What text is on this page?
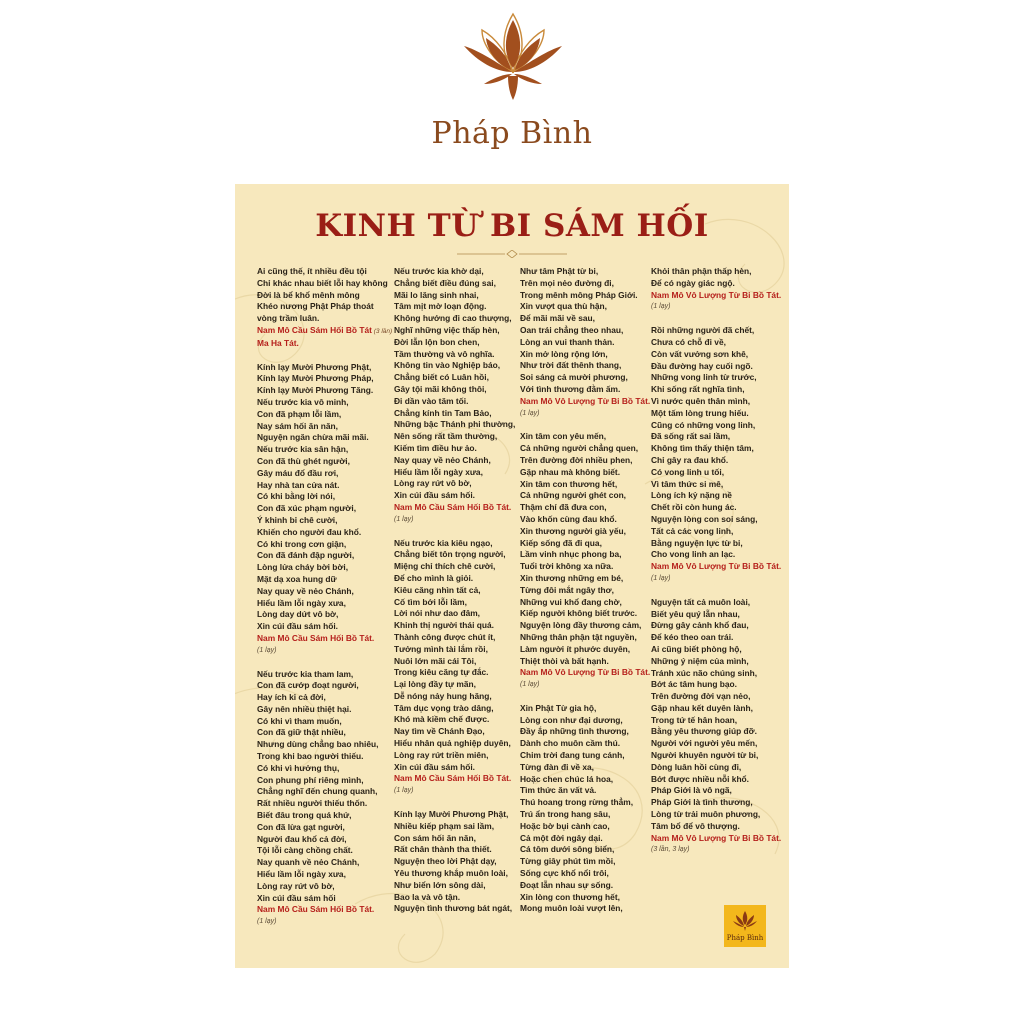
Pháp Bình
KINH TỪ BI SÁM HỐI
Ai cũng thế, ít nhiều đều tội
Chỉ khác nhau biết lỗi hay không
Đời là bể khổ mênh mông
Khéo nương Phật Pháp thoát
vòng trầm luân.
Nam Mô Cầu Sám Hối Bồ Tát (3 lần)
Ma Ha Tát.
Kính lạy Mười Phương Phật,
Kính lạy Mười Phương Pháp,
Kính lạy Mười Phương Tăng.
Nếu trước kia vô minh,
Con đã phạm lỗi lầm,
Nay sám hối ăn năn,
Nguyện ngăn chừa mãi mãi.
Nếu trước kia sân hận,
Con đã thù ghét người,
Gây máu đổ đầu rơi,
Hay nhà tan cửa nát.
Có khi bằng lời nói,
Con đã xúc phạm người,
Ý khinh bỉ chê cười,
Khiến cho người đau khổ.
Có khi trong cơn giận,
Con đã đánh đập người,
Lòng lửa cháy bời bời,
Mặt dạ xoa hung dữ
Nay quay về nẻo Chánh,
Hiểu lầm lỗi ngày xưa,
Lòng day dứt vô bờ,
Xin cúi đầu sám hối.
Nam Mô Cầu Sám Hối Bồ Tát.
(1 lạy)
Nếu trước kia tham lam,
Con đã cướp đoạt người,
Hay ích kỉ cả đời,
Gây nên nhiều thiệt hại.
Có khi vì tham muốn,
Con đã giữ thật nhiều,
Nhưng dùng chẳng bao nhiêu,
Trong khi bao người thiếu.
Có khi vì hưởng thụ,
Con phung phí riêng mình,
Chẳng nghĩ đến chung quanh,
Rất nhiều người thiếu thốn.
Biết đâu trong quá khứ,
Con đã lừa gạt người,
Người đau khổ cả đời,
Tội lỗi càng chồng chất.
Nay quanh về nẻo Chánh,
Hiểu lầm lỗi ngày xưa,
Lòng ray rứt vô bờ,
Xin cúi đầu sám hối
Nam Mô Cầu Sám Hối Bồ Tát.
(1 lạy)
Nếu trước kia khờ dại,
Chẳng biết điều đúng sai,
Mãi lo lăng sinh nhai,
Tâm mịt mờ loạn động.
Không hướng đi cao thượng,
Nghĩ những việc thấp hèn,
Đời lẫn lộn bon chen,
Tầm thường và vô nghĩa.
Không tin vào Nghiệp báo,
Chẳng biết có Luân hồi,
Gây tội mãi không thôi,
Đi dần vào tăm tối.
Chẳng kính tin Tam Bảo,
Những bậc Thánh phi thường,
Nên sống rất tầm thường,
Kiếm tìm điều hư ảo.
Nay quay về nẻo Chánh,
Hiểu lầm lỗi ngày xưa,
Lòng ray rứt vô bờ,
Xin cúi đầu sám hối.
Nam Mô Cầu Sám Hối Bồ Tát.
(1 lạy)
Nếu trước kia kiêu ngạo,
Chẳng biết tôn trọng người,
Miệng chỉ thích chê cười,
Để cho mình là giỏi.
Kiêu căng nhìn tất cả,
Cố tìm bới lỗi lầm,
Lời nói như dao đâm,
Khinh thị người thái quá.
Thành công được chút ít,
Tưởng mình tài lắm rồi,
Nuôi lớn mãi cái Tôi,
Trong kiêu căng tự đắc.
Lại lòng đầy tự mãn,
Dễ nóng nảy hung hăng,
Tâm dục vọng trào dâng,
Khó mà kiềm chế được.
Nay tìm về Chánh Đạo,
Hiểu nhân quả nghiệp duyên,
Lòng ray rứt triền miên,
Xin cúi đầu sám hối.
Nam Mô Cầu Sám Hối Bồ Tát.
(1 lạy)
Kính lạy Mười Phương Phật,
Nhiều kiếp phạm sai lầm,
Con sám hối ăn năn,
Rất chân thành tha thiết.
Nguyện theo lời Phật dạy,
Yêu thương khắp muôn loài,
Như biển lớn sông dài,
Bao la và vô tận.
Nguyện tình thương bát ngát,
Như tâm Phật từ bi,
Trên mọi nẻo đường đi,
Trong mênh mông Pháp Giới.
Xin vượt qua thù hận,
Để mãi mãi về sau,
Oan trái chẳng theo nhau,
Lòng an vui thanh thản.
Xin mở lòng rộng lớn,
Như trời đất thênh thang,
Soi sáng cả mười phương,
Với tình thương đằm ấm.
Nam Mô Vô Lượng Từ Bi Bồ Tát.
(1 lạy)
Xin tâm con yêu mến,
Cả những người chẳng quen,
Trên đường đời nhiều phen,
Gặp nhau mà không biết.
Xin tâm con thương hết,
Cả những người ghét con,
Thậm chí đã đưa con,
Vào khốn cùng đau khổ.
Xin thương người già yếu,
Kiếp sống đã đi qua,
Lầm vinh nhục phong ba,
Tuổi trời không xa nữa.
Xin thương những em bé,
Từng đôi mắt ngây thơ,
Những vui khổ đang chờ,
Kiếp người không biết trước.
Nguyện lòng đầy thương cảm,
Những thân phận tật nguyền,
Làm người ít phước duyên,
Thiệt thòi và bất hạnh.
Nam Mô Vô Lượng Từ Bi Bồ Tát.
(1 lạy)
Xin Phật Từ gia hộ,
Lòng con như đại dương,
Đầy ắp những tình thương,
Dành cho muôn cầm thú.
Chim trời đang tung cánh,
Từng đàn đi về xa,
Hoặc chen chúc lá hoa,
Tìm thức ăn vất vả.
Thú hoang trong rừng thẳm,
Trú ẩn trong hang sâu,
Hoặc bờ bụi cành cao,
Cả một đời ngây dại.
Cá tôm dưới sông biển,
Từng giây phút tìm mồi,
Sống cực khổ nổi trôi,
Đoạt lẫn nhau sự sống.
Xin lòng con thương hết,
Mong muôn loài vượt lên,
Khỏi thân phận thấp hèn,
Để có ngày giác ngộ.
Nam Mô Vô Lượng Từ Bi Bồ Tát.
(1 lạy)
Rồi những người đã chết,
Chưa có chỗ đi về,
Còn vất vưởng sơn khê,
Đầu đường hay cuối ngõ.
Những vong linh từ trước,
Khi sống rất nghĩa tình,
Vì nước quên thân mình,
Một tấm lòng trung hiếu.
Cũng có những vong linh,
Đã sống rất sai lầm,
Không tìm thấy thiện tâm,
Chỉ gây ra đau khổ.
Có vong linh u tối,
Vì tâm thức si mê,
Lòng ích kỷ nặng nề
Chết rồi còn hung ác.
Nguyện lòng con soi sáng,
Tất cả các vong linh,
Bằng nguyện lực từ bi,
Cho vong linh an lạc.
Nam Mô Vô Lượng Từ Bi Bồ Tát.
(1 lạy)
Nguyện tất cả muôn loài,
Biết yêu quý lẫn nhau,
Đừng gây cảnh khổ đau,
Để kéo theo oan trái.
Ai cũng biết phòng hộ,
Những ý niệm của mình,
Tránh xúc não chúng sinh,
Bớt ác tâm hung bạo.
Trên đường đời vạn nẻo,
Gặp nhau kết duyên lành,
Trong tứ tế hân hoan,
Bằng yêu thương giúp đỡ.
Người với người yêu mến,
Người khuyên người từ bi,
Dòng luân hồi cùng đi,
Bớt được nhiều nỗi khổ.
Pháp Giới là vô ngã,
Pháp Giới là tình thương,
Lòng từ trải muôn phương,
Tâm bổ để vô thượng.
Nam Mô Vô Lượng Từ Bi Bồ Tát.
(3 lần, 3 lạy)
Pháp Bình
